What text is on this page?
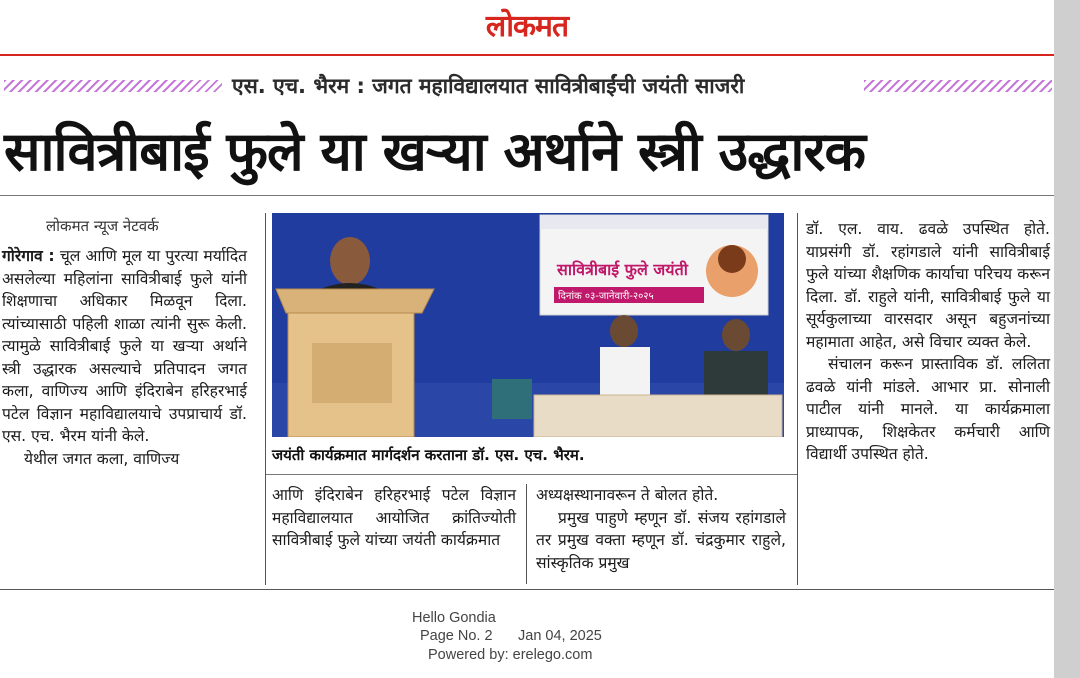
लोकमत
एस. एच. भैरम : जगत महाविद्यालयात सावित्रीबाईंची जयंती साजरी
सावित्रीबाई फुले या खऱ्या अर्थाने स्त्री उद्धारक
लोकमत न्यूज नेटवर्क

गोरेगाव : चूल आणि मूल या पुरत्या मर्यादित असलेल्या महिलांना सावित्रीबाई फुले यांनी शिक्षणाचा अधिकार मिळवून दिला. त्यांच्यासाठी पहिली शाळा त्यांनी सुरू केली. त्यामुळे सावित्रीबाई फुले या खऱ्या अर्थाने स्त्री उद्धारक असल्याचे प्रतिपादन जगत कला, वाणिज्य आणि इंदिराबेन हरिहरभाई पटेल विज्ञान महाविद्यालयाचे उपप्राचार्य डॉ. एस. एच. भैरम यांनी केले.

येथील जगत कला, वाणिज्य

सावित्रीबाई फुले जयंती
दिनांक ०३-जानेवारी-२०२५
जयंती कार्यक्रमात मार्गदर्शन करताना डॉ. एस. एच. भैरम.

आणि इंदिराबेन हरिहरभाई पटेल विज्ञान महाविद्यालयात आयोजित क्रांतिज्योती सावित्रीबाई फुले यांच्या जयंती कार्यक्रमात

अध्यक्षस्थानावरून ते बोलत होते.

प्रमुख पाहुणे म्हणून डॉ. संजय रहांगडाले तर प्रमुख वक्ता म्हणून डॉ. चंद्रकुमार राहुले, सांस्कृतिक प्रमुख

डॉ. एल. वाय. ढवळे उपस्थित होते. याप्रसंगी डॉ. रहांगडाले यांनी सावित्रीबाई फुले यांच्या शैक्षणिक कार्याचा परिचय करून दिला. डॉ. राहुले यांनी, सावित्रीबाई फुले या सूर्यकुलाच्या वारसदार असून बहुजनांच्या महामाता आहेत, असे विचार व्यक्त केले.

संचालन करून प्रास्ताविक डॉ. ललिता ढवळे यांनी मांडले. आभार प्रा. सोनाली पाटील यांनी मानले. या कार्यक्रमाला प्राध्यापक, शिक्षकेतर कर्मचारी आणि विद्यार्थी उपस्थित होते.

Hello Gondia
Page No. 2 Jan 04, 2025
Powered by: erelego.com
